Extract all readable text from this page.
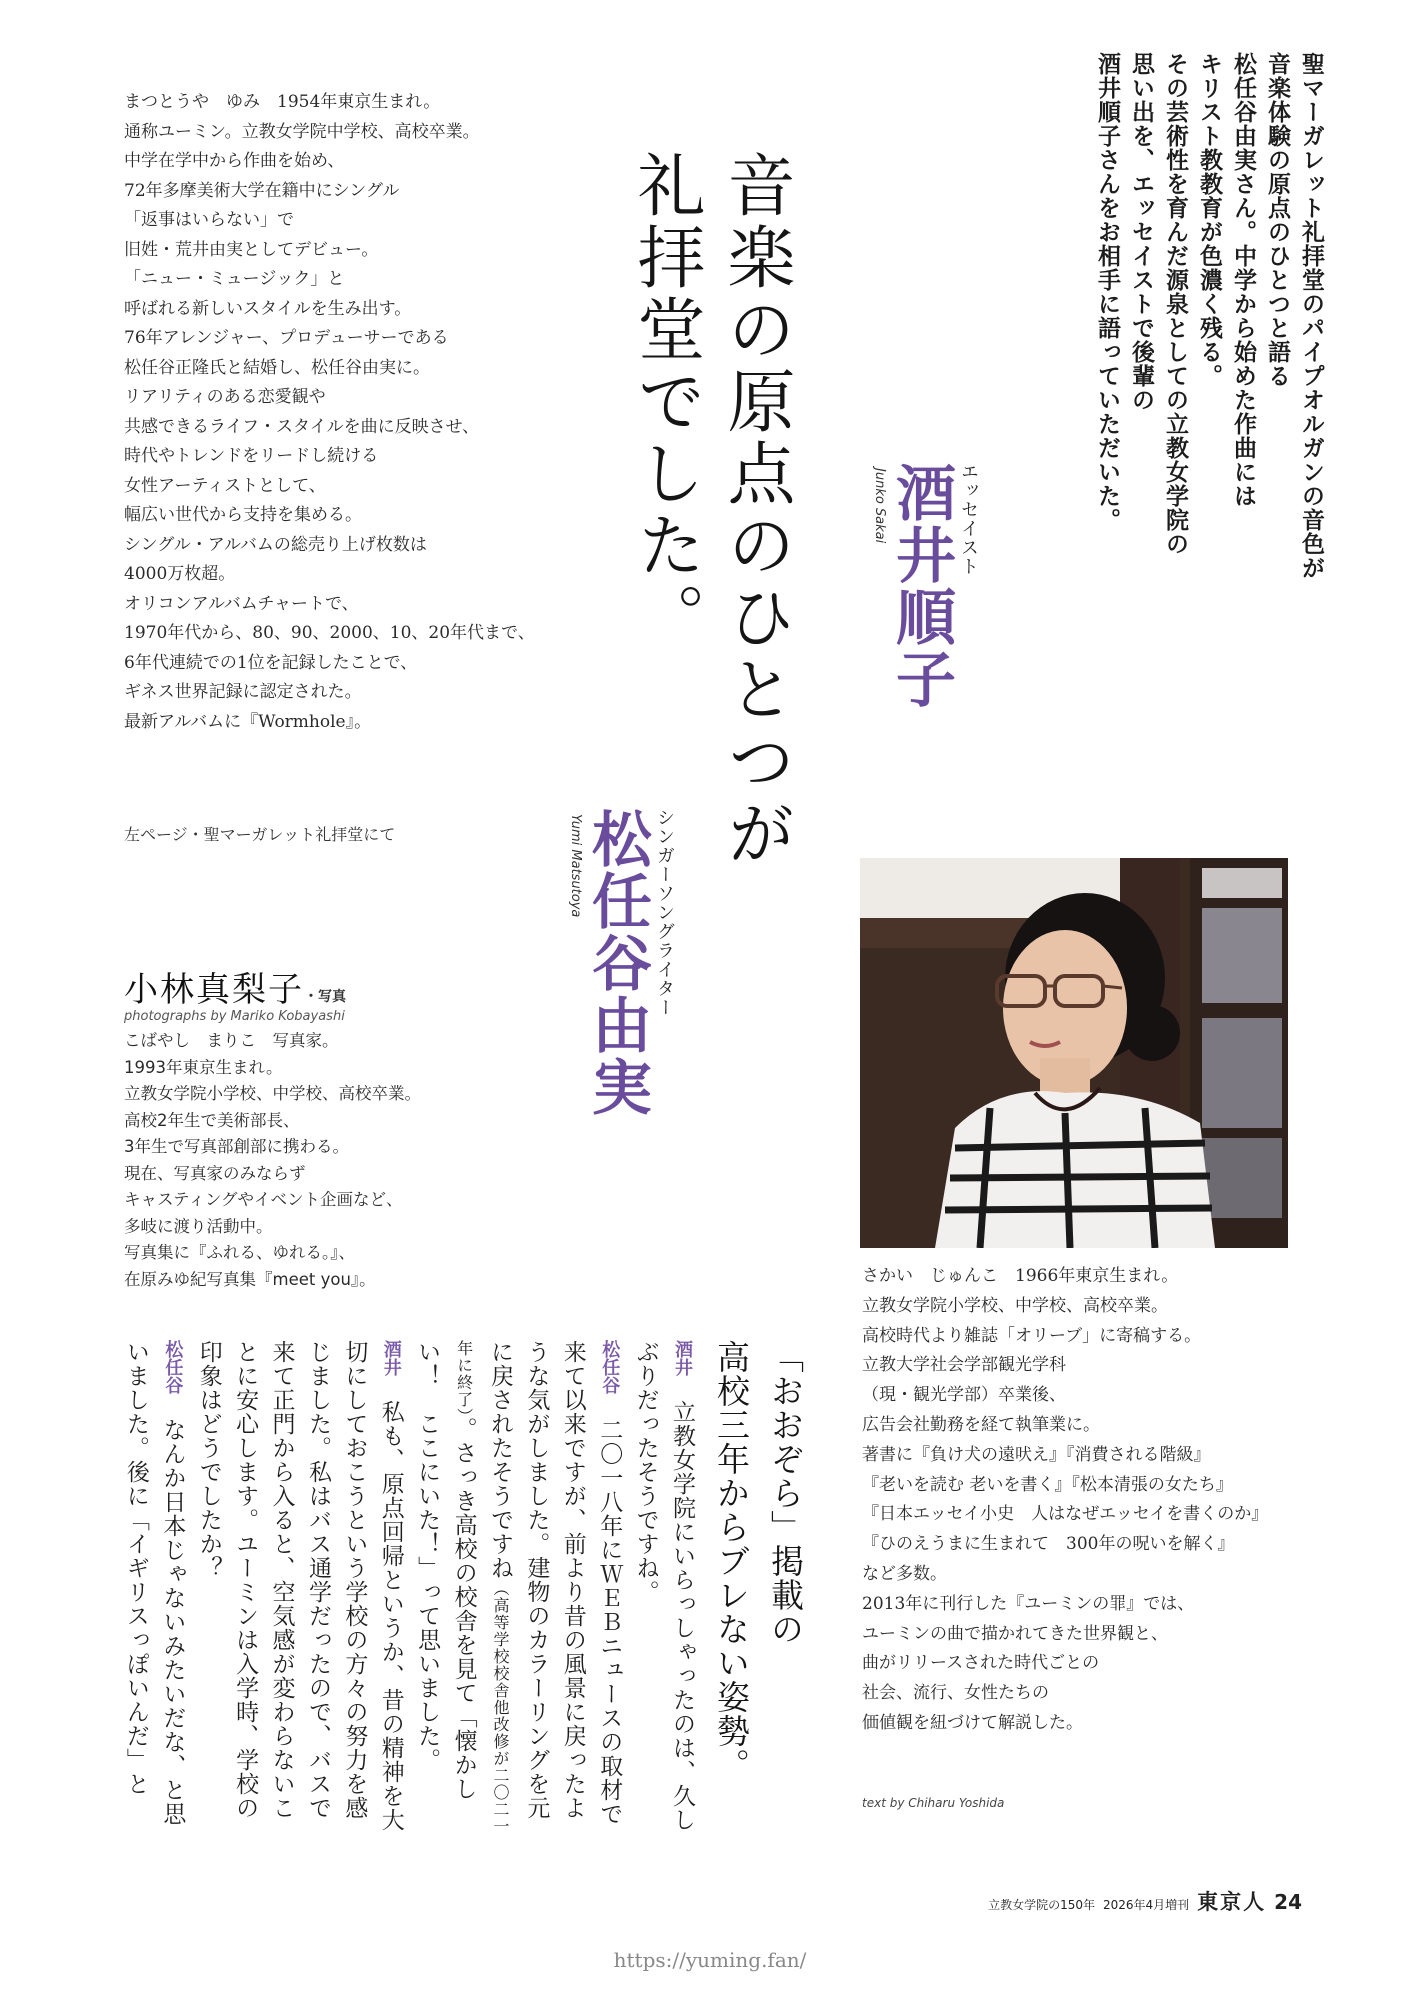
聖マーガレット礼拝堂のパイプオルガンの音色が

音楽体験の原点のひとつと語る

松任谷由実さん。中学から始めた作曲には

キリスト教教育が色濃く残る。

その芸術性を育んだ源泉としての立教女学院の

思い出を、エッセイストで後輩の

酒井順子さんをお相手に語っていただいた。

音楽の原点のひとつが

礼拝堂でした。	エッセイスト
酒井順子
Junko Sakai
シンガーソングライター
松任谷由実
Yumi Matsutoya

まつとうや　ゆみ　1954年東京生まれ。

通称ユーミン。立教女学院中学校、高校卒業。

中学在学中から作曲を始め、

72年多摩美術大学在籍中にシングル

「返事はいらない」で

旧姓・荒井由実としてデビュー。

「ニュー・ミュージック」と

呼ばれる新しいスタイルを生み出す。

76年アレンジャー、プロデューサーである

松任谷正隆氏と結婚し、松任谷由実に。

リアリティのある恋愛観や

共感できるライフ・スタイルを曲に反映させ、

時代やトレンドをリードし続ける

女性アーティストとして、

幅広い世代から支持を集める。

シングル・アルバムの総売り上げ枚数は

4000万枚超。

オリコンアルバムチャートで、

1970年代から、80、90、2000、10、20年代まで、

6年代連続での1位を記録したことで、

ギネス世界記録に認定された。

最新アルバムに『Wormhole』。

左ページ・聖マーガレット礼拝堂にて
小林真梨子・写真
photographs by Mariko Kobayashi

こばやし　まりこ　写真家。

1993年東京生まれ。

立教女学院小学校、中学校、高校卒業。

高校2年生で美術部長、

3年生で写真部創部に携わる。

現在、写真家のみならず

キャスティングやイベント企画など、

多岐に渡り活動中。

写真集に『ふれる、ゆれる。』、

在原みゆ紀写真集『meet you』。	さかい　じゅんこ　1966年東京生まれ。

立教女学院小学校、中学校、高校卒業。

高校時代より雑誌「オリーブ」に寄稿する。

立教大学社会学部観光学科

（現・観光学部）卒業後、

広告会社勤務を経て執筆業に。

著書に『負け犬の遠吠え』『消費される階級』

『老いを読む 老いを書く』『松本清張の女たち』

『日本エッセイ小史　人はなぜエッセイを書くのか』

『ひのえうまに生まれて　300年の呪いを解く』

など多数。

2013年に刊行した『ユーミンの罪』では、

ユーミンの曲で描かれてきた世界観と、

曲がリリースされた時代ごとの

社会、流行、女性たちの

価値観を紐づけて解説した。

text by Chiharu Yoshida

「おおぞら」掲載の

高校三年からブレない姿勢。

酒井　立教女学院にいらっしゃったのは、久しぶりだったそうですね。

松任谷　二〇一八年にＷＥＢニュースの取材で来て以来ですが、前より昔の風景に戻ったような気がしました。建物のカラーリングを元に戻されたそうですね（高等学校校舎他改修が二〇二一年に終了）。さっき高校の校舎を見て「懐かしい！　ここにいた！」って思いました。

酒井　私も、原点回帰というか、昔の精神を大切にしておこうという学校の方々の努力を感じました。私はバス通学だったので、バスで来て正門から入ると、空気感が変わらないことに安心します。ユーミンは入学時、学校の印象はどうでしたか？

松任谷　なんか日本じゃないみたいだな、と思いました。後に「イギリスっぽいんだ」と

立教女学院の150年 2026年4月増刊 東京人 24
https://yuming.fan/
